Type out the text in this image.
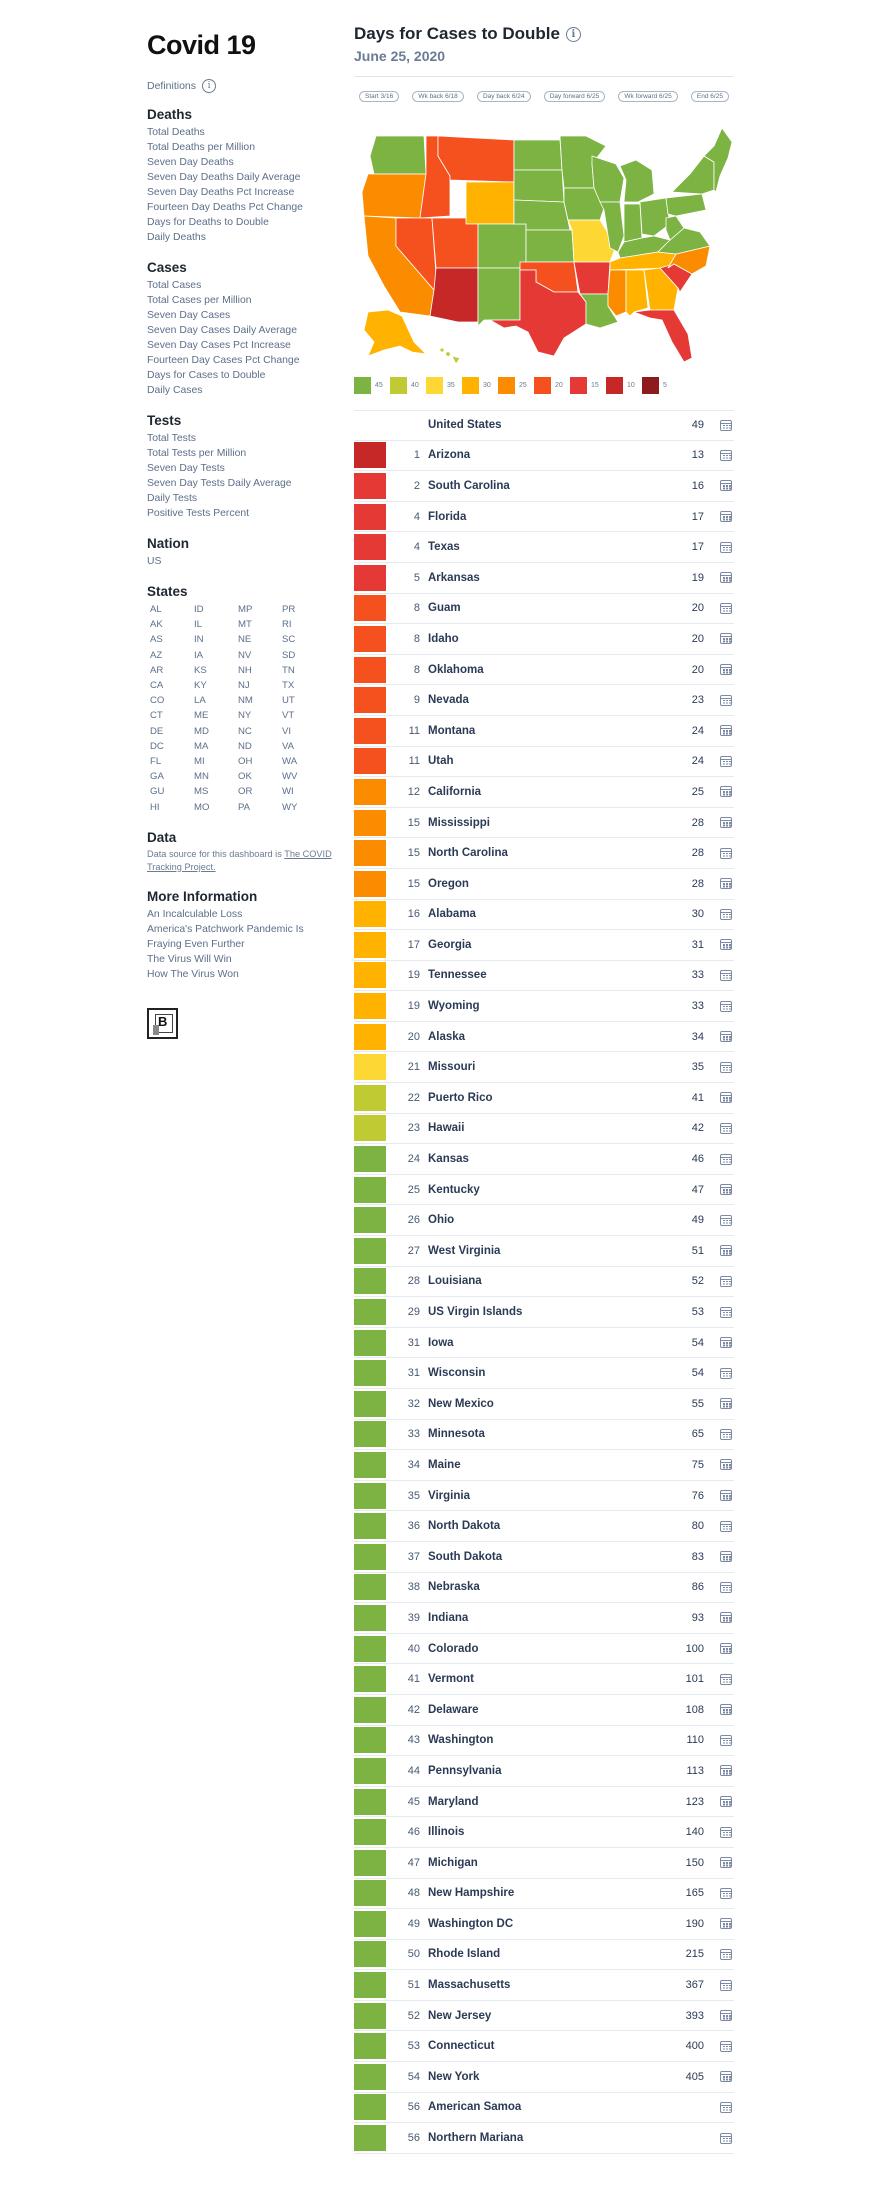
Covid 19
Definitions	i
Deaths
Total Deaths
Total Deaths per Million
Seven Day Deaths
Seven Day Deaths Daily Average
Seven Day Deaths Pct Increase
Fourteen Day Deaths Pct Change
Days for Deaths to Double
Daily Deaths
Cases
Total Cases
Total Cases per Million
Seven Day Cases
Seven Day Cases Daily Average
Seven Day Cases Pct Increase
Fourteen Day Cases Pct Change
Days for Cases to Double
Daily Cases
Tests
Total Tests
Total Tests per Million
Seven Day Tests
Seven Day Tests Daily Average
Daily Tests
Positive Tests Percent
Nation
US
States
AL	ID	MP	PR
AK	IL	MT	RI
AS	IN	NE	SC
AZ	IA	NV	SD
AR	KS	NH	TN
CA	KY	NJ	TX
CO	LA	NM	UT
CT	ME	NY	VT
DE	MD	NC	VI
DC	MA	ND	VA
FL	MI	OH	WA
GA	MN	OK	WV
GU	MS	OR	WI
HI	MO	PA	WY
Data
Data source for this dashboard is The COVID Tracking Project.
More Information
An Incalculable Loss
America's Patchwork Pandemic Is
Fraying Even Further
The Virus Will Win
How The Virus Won
B
Days for Cases to Double	i
June 25, 2020
Start 3/16	Wk back 6/18	Day back 6/24	Day forward 6/25	Wk forward 6/25	End 6/25
45	40	35	30	25	20	15	10	5
United States	49
1 Arizona	13
2 South Carolina	16
4 Florida	17
4 Texas	17
5 Arkansas	19
8 Guam	20
8 Idaho	20
8 Oklahoma	20
9 Nevada	23
11 Montana	24
11 Utah	24
12 California	25
15 Mississippi	28
15 North Carolina	28
15 Oregon	28
16 Alabama	30
17 Georgia	31
19 Tennessee	33
19 Wyoming	33
20 Alaska	34
21 Missouri	35
22 Puerto Rico	41
23 Hawaii	42
24 Kansas	46
25 Kentucky	47
26 Ohio	49
27 West Virginia	51
28 Louisiana	52
29 US Virgin Islands	53
31 Iowa	54
31 Wisconsin	54
32 New Mexico	55
33 Minnesota	65
34 Maine	75
35 Virginia	76
36 North Dakota	80
37 South Dakota	83
38 Nebraska	86
39 Indiana	93
40 Colorado	100
41 Vermont	101
42 Delaware	108
43 Washington	110
44 Pennsylvania	113
45 Maryland	123
46 Illinois	140
47 Michigan	150
48 New Hampshire	165
49 Washington DC	190
50 Rhode Island	215
51 Massachusetts	367
52 New Jersey	393
53 Connecticut	400
54 New York	405
56 American Samoa
56 Northern Mariana
